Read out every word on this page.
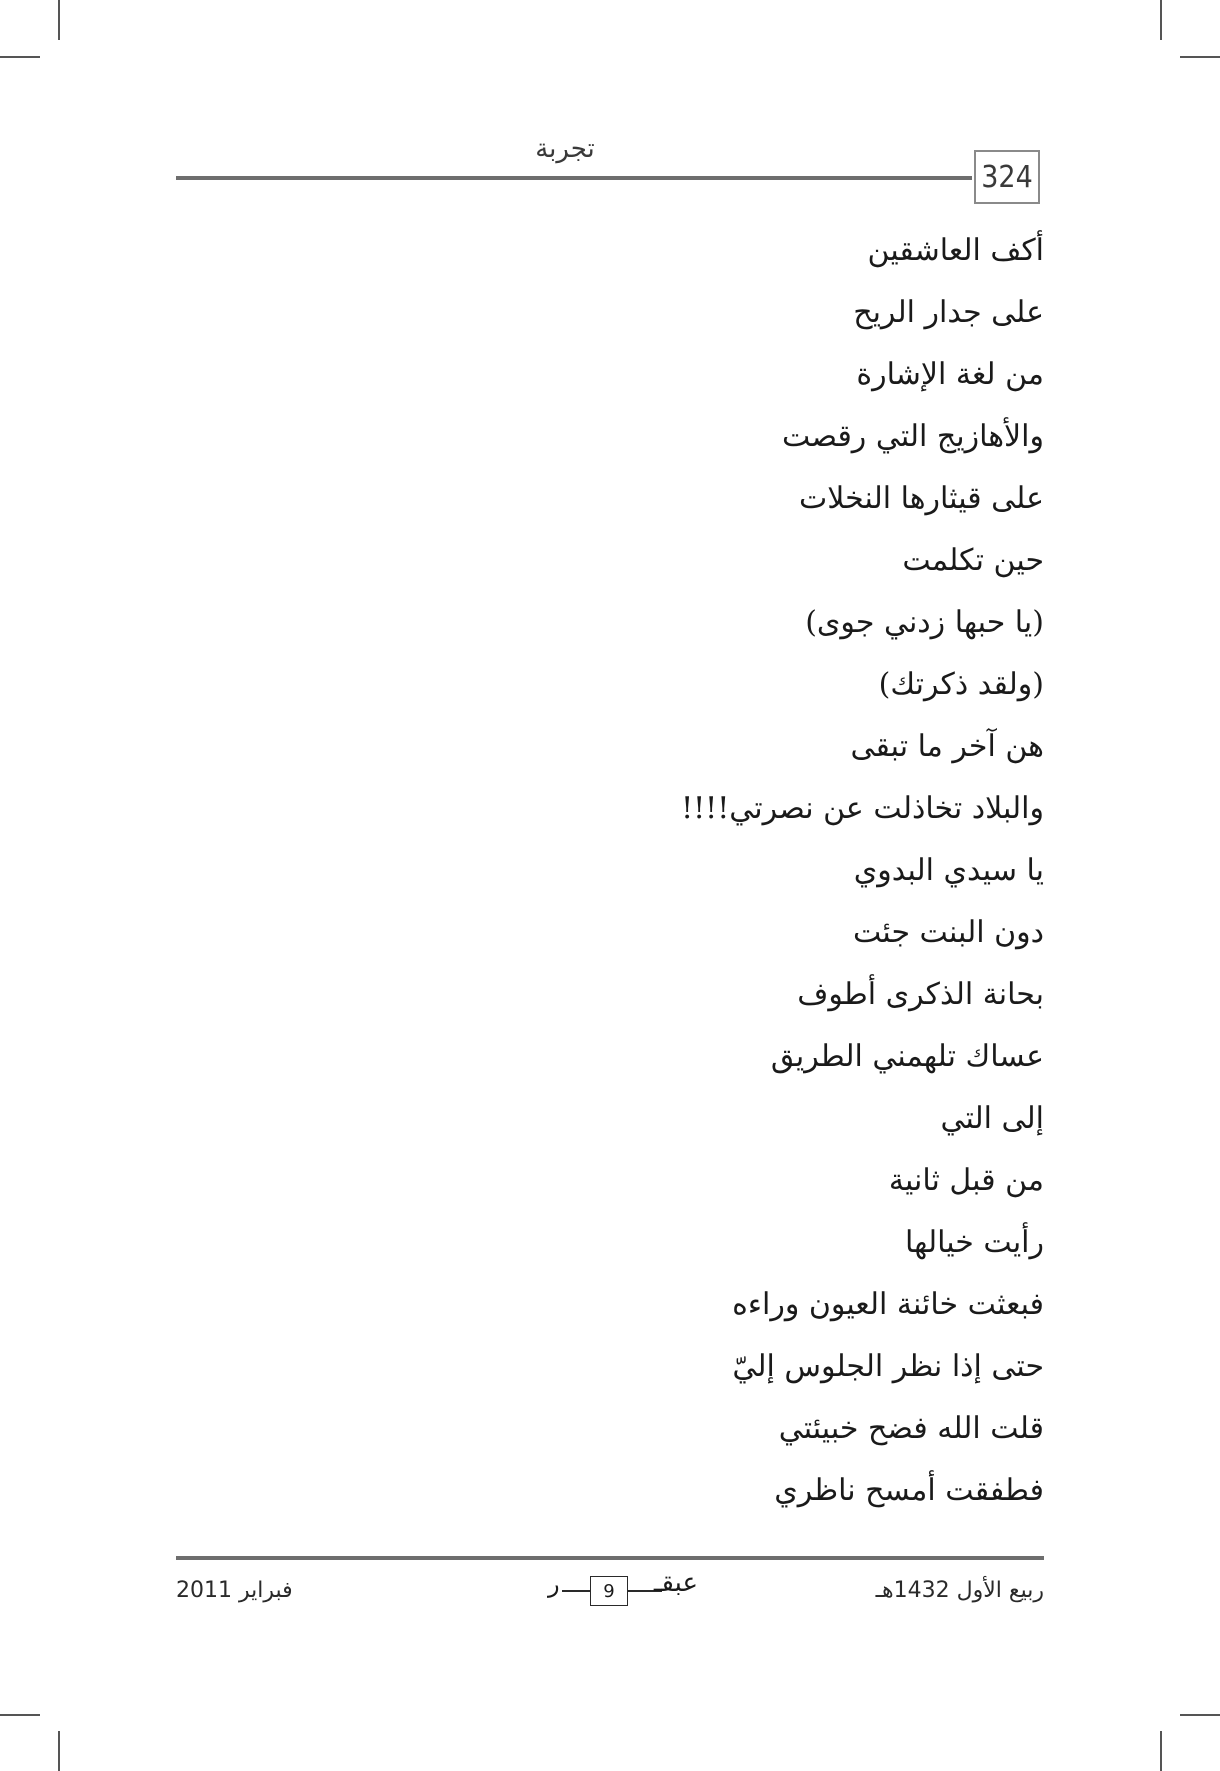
تجربة
324
أكف العاشقين
على جدار الريح
من لغة الإشارة
والأهازيج التي رقصت
على قيثارها النخلات
حين تكلمت
(يا حبها زدني جوى)
(ولقد ذكرتك)
هن آخر ما تبقى
والبلاد تخاذلت عن نصرتي!!!!
يا سيدي البدوي
دون البنت جئت
بحانة الذكرى أطوف
عساك تلهمني الطريق
إلى التي
من قبل ثانية
رأيت خيالها
فبعثت خائنة العيون وراءه
حتى إذا نظر الجلوس إليّ
قلت الله فضح خبيئتي
فطفقت أمسح ناظري
ربيع الأول 1432هـ
فبراير 2011	عبقـ
9
ر
